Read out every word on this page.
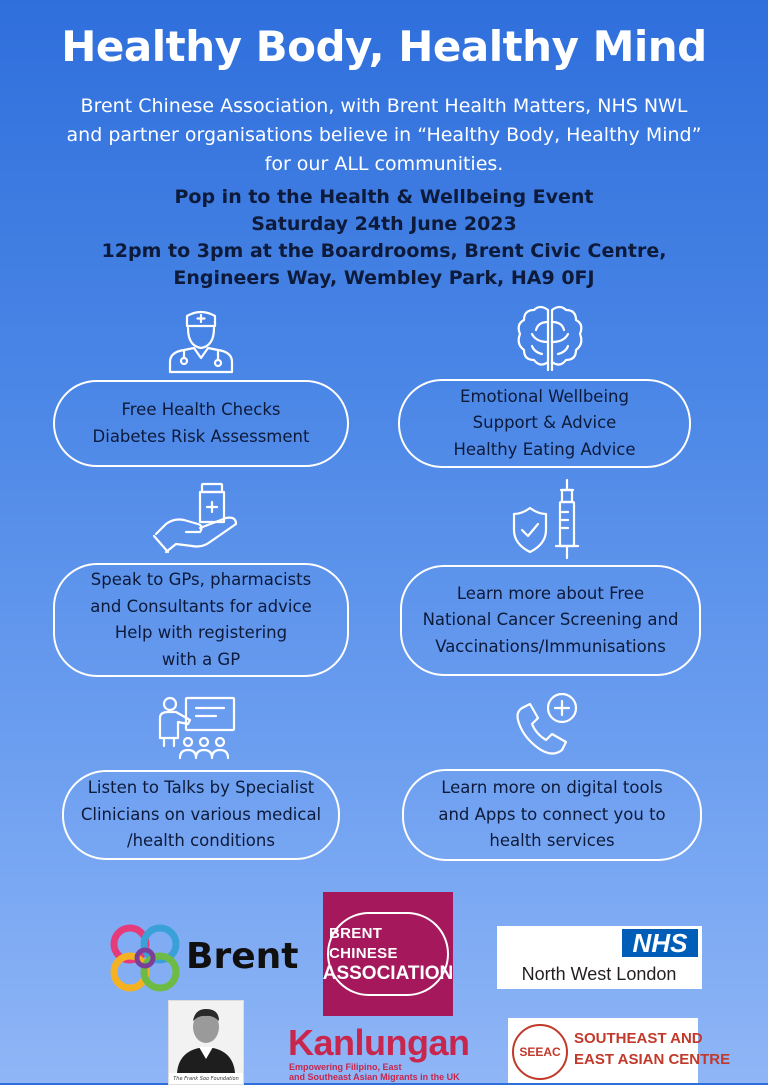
Healthy Body, Healthy Mind
Brent Chinese Association, with Brent Health Matters, NHS NWL
and partner organisations believe in “Healthy Body, Healthy Mind”
for our ALL communities.
Pop in to the Health & Wellbeing Event
Saturday 24th June 2023
12pm to 3pm at the Boardrooms, Brent Civic Centre,
Engineers Way, Wembley Park, HA9 0FJ
Free Health Checks
Diabetes Risk Assessment
Emotional Wellbeing
Support & Advice
Healthy Eating Advice
Speak to GPs, pharmacists
and Consultants for advice
Help with registering
with a GP
Learn more about Free
National Cancer Screening and
Vaccinations/Immunisations
Listen to Talks by Specialist
Clinicians on various medical
/health conditions
Learn more on digital tools
and Apps to connect you to
health services
Brent
BRENT CHINESE
ASSOCIATION
NHS
North West London
The Frank Soo Foundation
Kanlungan
Empowering Filipino, East
and Southeast Asian Migrants in the UK
SEEAC
SOUTHEAST AND
EAST ASIAN CENTRE
